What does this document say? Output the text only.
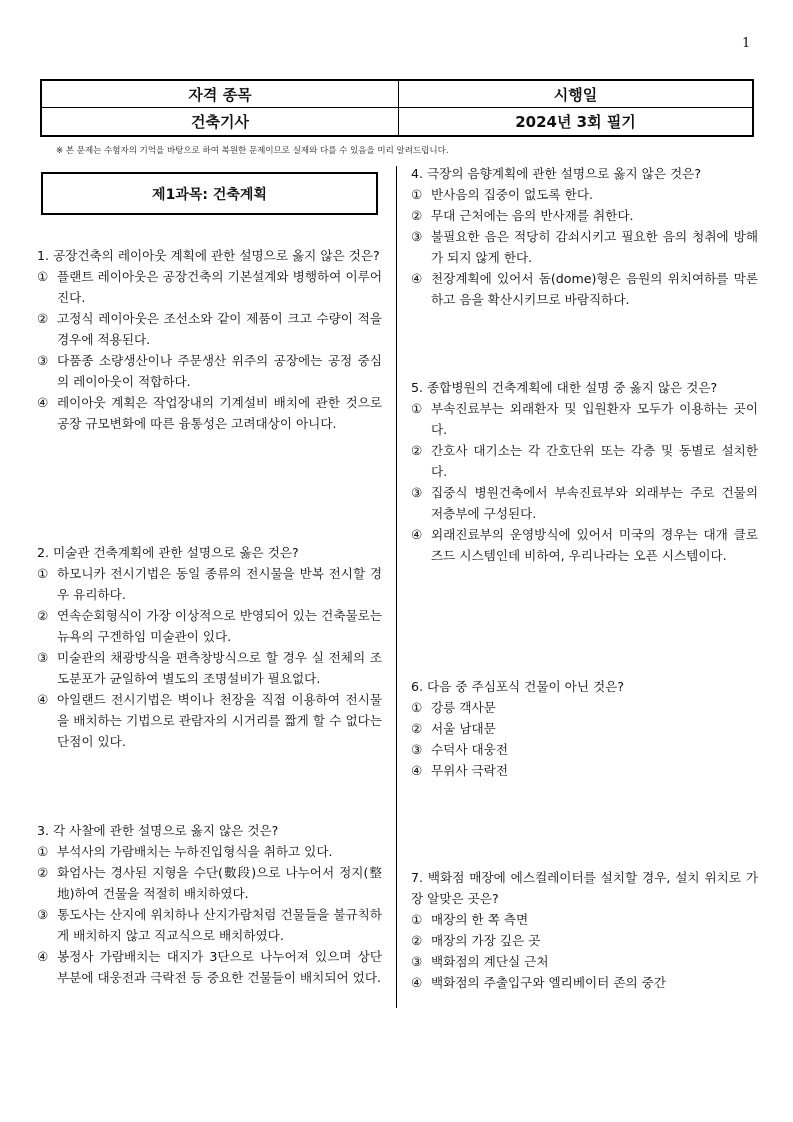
1
자격 종목	시행일
건축기사	2024년 3회 필기
※ 본 문제는 수험자의 기억을 바탕으로 하여 복원한 문제이므로 실제와 다를 수 있음을 미리 알려드립니다.
제1과목: 건축계획
1. 공장건축의 레이아웃 계획에 관한 설명으로 옳지 않은 것은?
① 플랜트 레이아웃은 공장건축의 기본설계와 병행하여 이루어진다.
② 고정식 레이아웃은 조선소와 같이 제품이 크고 수량이 적을 경우에 적용된다.
③ 다품종 소량생산이나 주문생산 위주의 공장에는 공정 중심의 레이아웃이 적합하다.
④ 레이아웃 계획은 작업장내의 기계설비 배치에 관한 것으로 공장 규모변화에 따른 융통성은 고려대상이 아니다.
2. 미술관 건축계획에 관한 설명으로 옳은 것은?
① 하모니카 전시기법은 동일 종류의 전시물을 반복 전시할 경우 유리하다.
② 연속순회형식이 가장 이상적으로 반영되어 있는 건축물로는 뉴욕의 구겐하임 미술관이 있다.
③ 미술관의 채광방식을 편측창방식으로 할 경우 실 전체의 조도분포가 균일하여 별도의 조명설비가 필요없다.
④ 아일랜드 전시기법은 벽이나 천장을 직접 이용하여 전시물을 배치하는 기법으로 관람자의 시거리를 짧게 할 수 없다는 단점이 있다.
3. 각 사찰에 관한 설명으로 옳지 않은 것은?
① 부석사의 가람배치는 누하진입형식을 취하고 있다.
② 화엄사는 경사된 지형을 수단(數段)으로 나누어서 정지(整地)하여 건물을 적절히 배치하였다.
③ 통도사는 산지에 위치하나 산지가람처럼 건물들을 불규칙하게 배치하지 않고 직교식으로 배치하였다.
④ 봉정사 가람배치는 대지가 3단으로 나누어져 있으며 상단 부분에 대웅전과 극락전 등 중요한 건물들이 배치되어 었다.
4. 극장의 음향계획에 관한 설명으로 옳지 않은 것은?
① 반사음의 집중이 없도록 한다.
② 무대 근처에는 음의 반사재를 취한다.
③ 불필요한 음은 적당히 감쇠시키고 필요한 음의 청취에 방해가 되지 않게 한다.
④ 천장계획에 있어서 돔(dome)형은 음원의 위치여하를 막론하고 음을 확산시키므로 바람직하다.
5. 종합병원의 건축계획에 대한 설명 중 옳지 않은 것은?
① 부속진료부는 외래환자 및 입원환자 모두가 이용하는 곳이다.
② 간호사 대기소는 각 간호단위 또는 각층 및 동별로 설치한다.
③ 집중식 병원건축에서 부속진료부와 외래부는 주로 건물의 저층부에 구성된다.
④ 외래진료부의 운영방식에 있어서 미국의 경우는 대개 클로즈드 시스템인데 비하여, 우리나라는 오픈 시스템이다.
6. 다음 중 주심포식 건물이 아닌 것은?
① 강릉 객사문
② 서울 남대문
③ 수덕사 대웅전
④ 무위사 극락전
7. 백화점 매장에 에스컬레이터를 설치할 경우, 설치 위치로 가장 알맞은 곳은?
① 매장의 한 쪽 측면
② 매장의 가장 깊은 곳
③ 백화점의 계단실 근처
④ 백화점의 주출입구와 엘리베이터 존의 중간
